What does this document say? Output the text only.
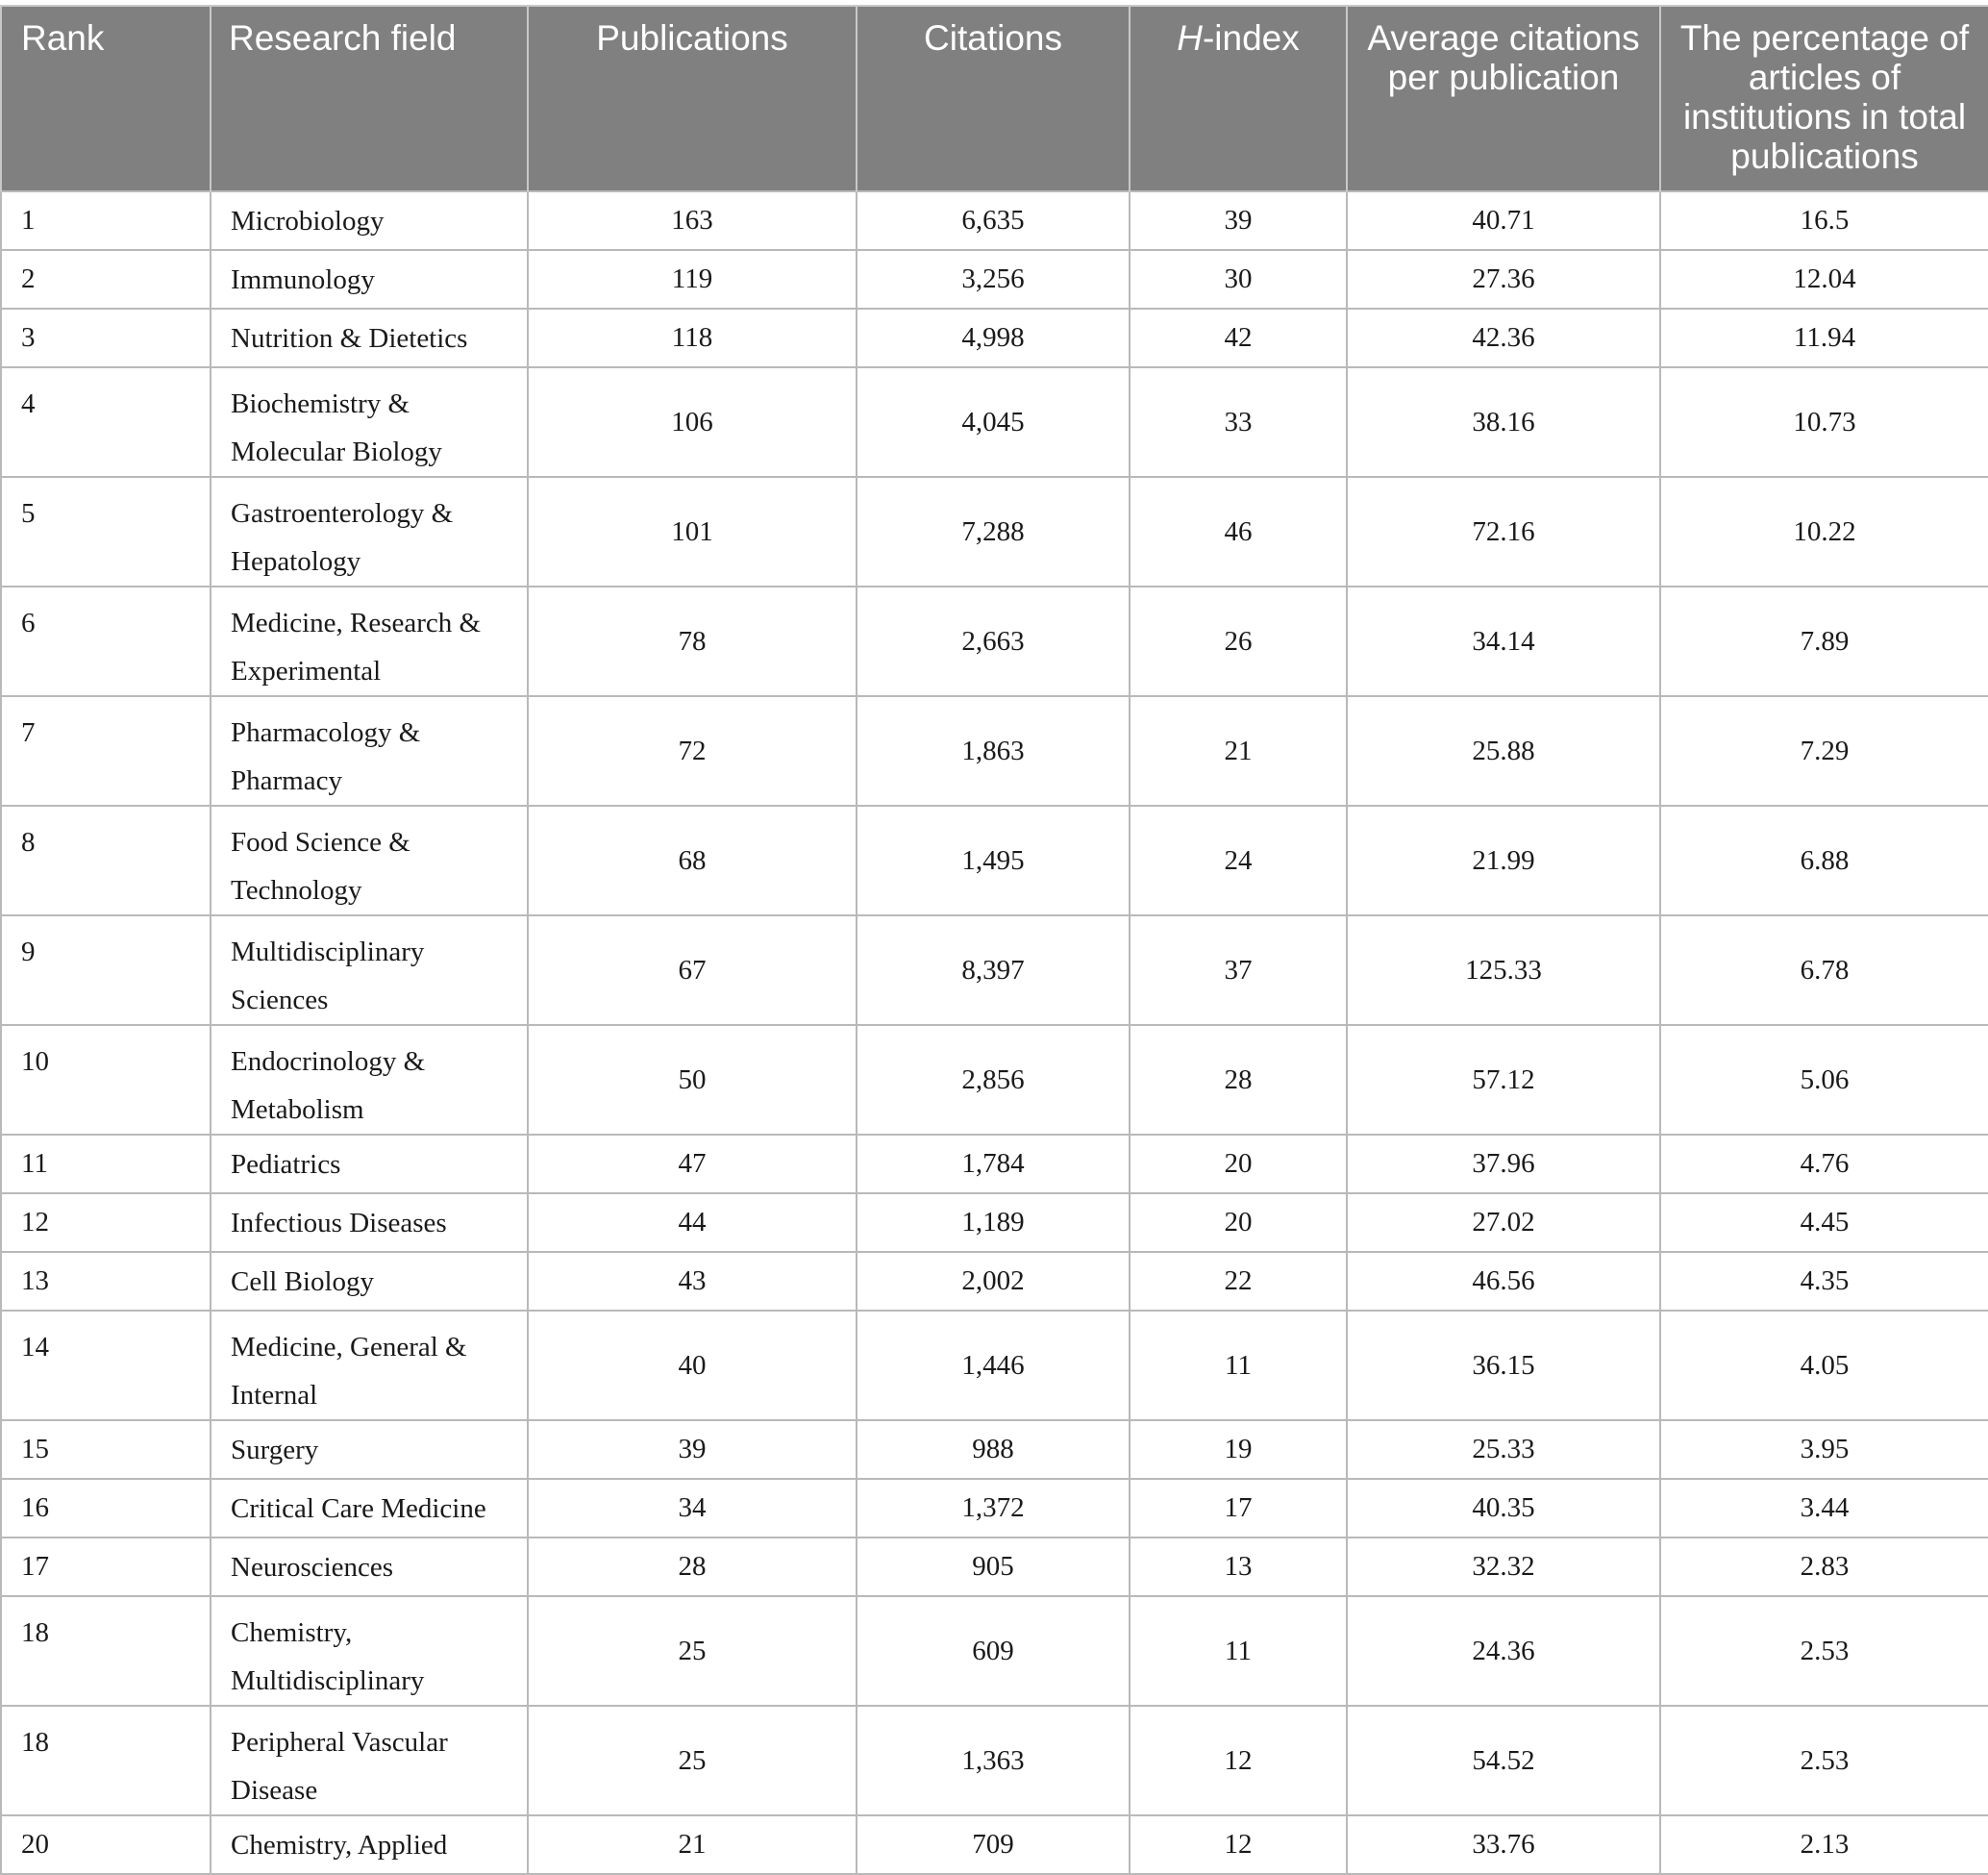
Rank	Research field	Publications	Citations	H-index	Average citations per publication	The percentage of articles of institutions in total publications
1	Microbiology	163	6,635	39	40.71	16.5
2	Immunology	119	3,256	30	27.36	12.04
3	Nutrition & Dietetics	118	4,998	42	42.36	11.94
4	Biochemistry & Molecular Biology	106	4,045	33	38.16	10.73
5	Gastroenterology & Hepatology	101	7,288	46	72.16	10.22
6	Medicine, Research & Experimental	78	2,663	26	34.14	7.89
7	Pharmacology & Pharmacy	72	1,863	21	25.88	7.29
8	Food Science & Technology	68	1,495	24	21.99	6.88
9	Multidisciplinary Sciences	67	8,397	37	125.33	6.78
10	Endocrinology & Metabolism	50	2,856	28	57.12	5.06
11	Pediatrics	47	1,784	20	37.96	4.76
12	Infectious Diseases	44	1,189	20	27.02	4.45
13	Cell Biology	43	2,002	22	46.56	4.35
14	Medicine, General & Internal	40	1,446	11	36.15	4.05
15	Surgery	39	988	19	25.33	3.95
16	Critical Care Medicine	34	1,372	17	40.35	3.44
17	Neurosciences	28	905	13	32.32	2.83
18	Chemistry, Multidisciplinary	25	609	11	24.36	2.53
18	Peripheral Vascular Disease	25	1,363	12	54.52	2.53
20	Chemistry, Applied	21	709	12	33.76	2.13
